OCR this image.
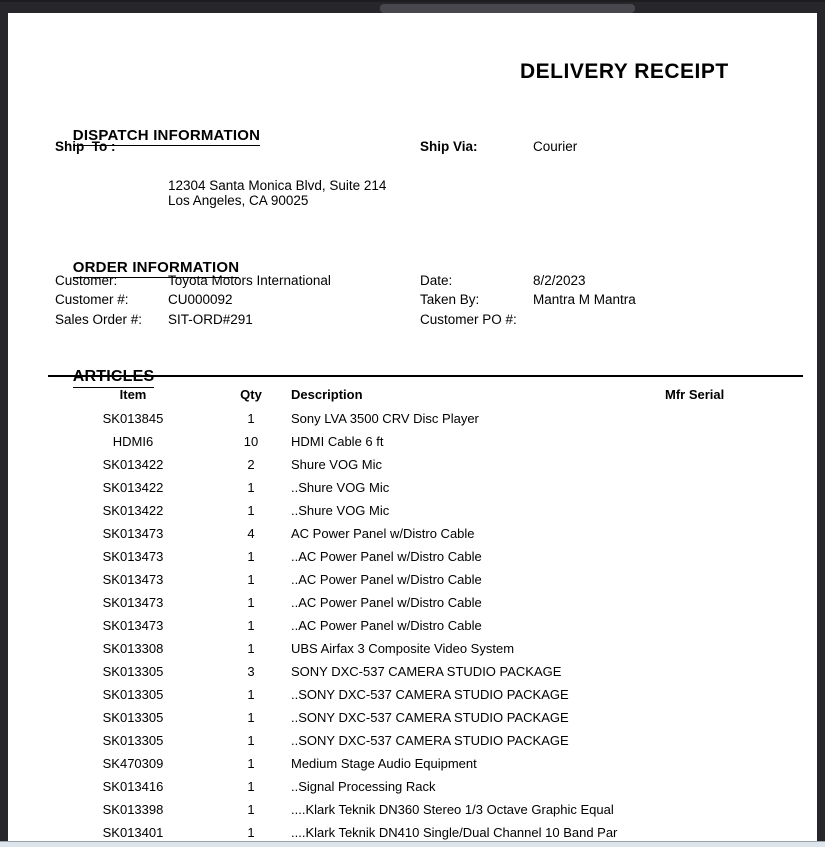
DELIVERY RECEIPT

DISPATCH INFORMATION

Ship  To :	Ship Via:	Courier
12304 Santa Monica Blvd, Suite 214
Los Angeles, CA 90025

ORDER INFORMATION

Customer:	Toyota Motors International	Date:	8/2/2023
Customer #:	CU000092	Taken By:	Mantra M Mantra
Sales Order #: SIT-ORD#291	Customer PO #:

Item	Qty	Description	Mfr Serial
SK013845	1	Sony LVA 3500 CRV Disc Player
HDMI6	10	HDMI Cable 6 ft
SK013422	2	Shure VOG Mic
SK013422	1	..Shure VOG Mic
SK013422	1	..Shure VOG Mic
SK013473	4	AC Power Panel w/Distro Cable
SK013473	1	..AC Power Panel w/Distro Cable
SK013473	1	..AC Power Panel w/Distro Cable
SK013473	1	..AC Power Panel w/Distro Cable
SK013473	1	..AC Power Panel w/Distro Cable
SK013308	1	UBS Airfax 3 Composite Video System
SK013305	3	SONY DXC-537 CAMERA STUDIO PACKAGE
SK013305	1	..SONY DXC-537 CAMERA STUDIO PACKAGE
SK013305	1	..SONY DXC-537 CAMERA STUDIO PACKAGE
SK013305	1	..SONY DXC-537 CAMERA STUDIO PACKAGE
SK470309	1	Medium Stage Audio Equipment
SK013416	1	..Signal Processing Rack
SK013398	1	....Klark Teknik DN360 Stereo 1/3 Octave Graphic Equal
SK013401	1	....Klark Teknik DN410 Single/Dual Channel 10 Band Par
